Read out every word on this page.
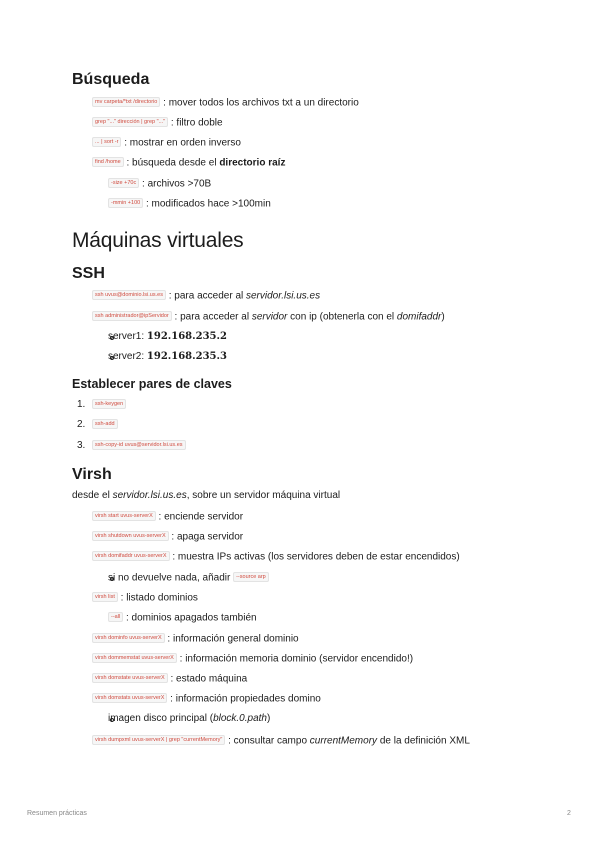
Búsqueda
mv carpeta/*txt /directorio : mover todos los archivos txt a un directorio
grep "..." dirección | grep "..." : filtro doble
... | sort -r : mostrar en orden inverso
find /home : búsqueda desde el directorio raíz
-size +70c : archivos >70B
-mmin +100 : modificados hace >100min
Máquinas virtuales
SSH
ssh uvus@dominio.lsi.us.es : para acceder al servidor.lsi.us.es
ssh administrador@ipServidor : para acceder al servidor con ip (obtenerla con el domifaddr)
server1: 192.168.235.2
server2: 192.168.235.3
Establecer pares de claves
1.	ssh-keygen
2.	ssh-add
3.	ssh-copy-id uvus@servidor.lsi.us.es
Virsh
desde el servidor.lsi.us.es, sobre un servidor máquina virtual
virsh start uvus-serverX : enciende servidor
virsh shutdown uvus-serverX : apaga servidor
virsh domifaddr uvus-serverX : muestra IPs activas (los servidores deben de estar encendidos)
si no devuelve nada, añadir --source arp
virsh list : listado dominios
--all : dominios apagados también
virsh dominfo uvus-serverX : información general dominio
virsh dommemstat uvus-serverX : información memoria dominio (servidor encendido!)
virsh domstate uvus-serverX : estado máquina
virsh domstats uvus-serverX : información propiedades domino
imagen disco principal (block.0.path)
virsh dumpxml uvus-serverX | grep "currentMemory" : consultar campo currentMemory de la definición XML
Resumen prácticas	2
